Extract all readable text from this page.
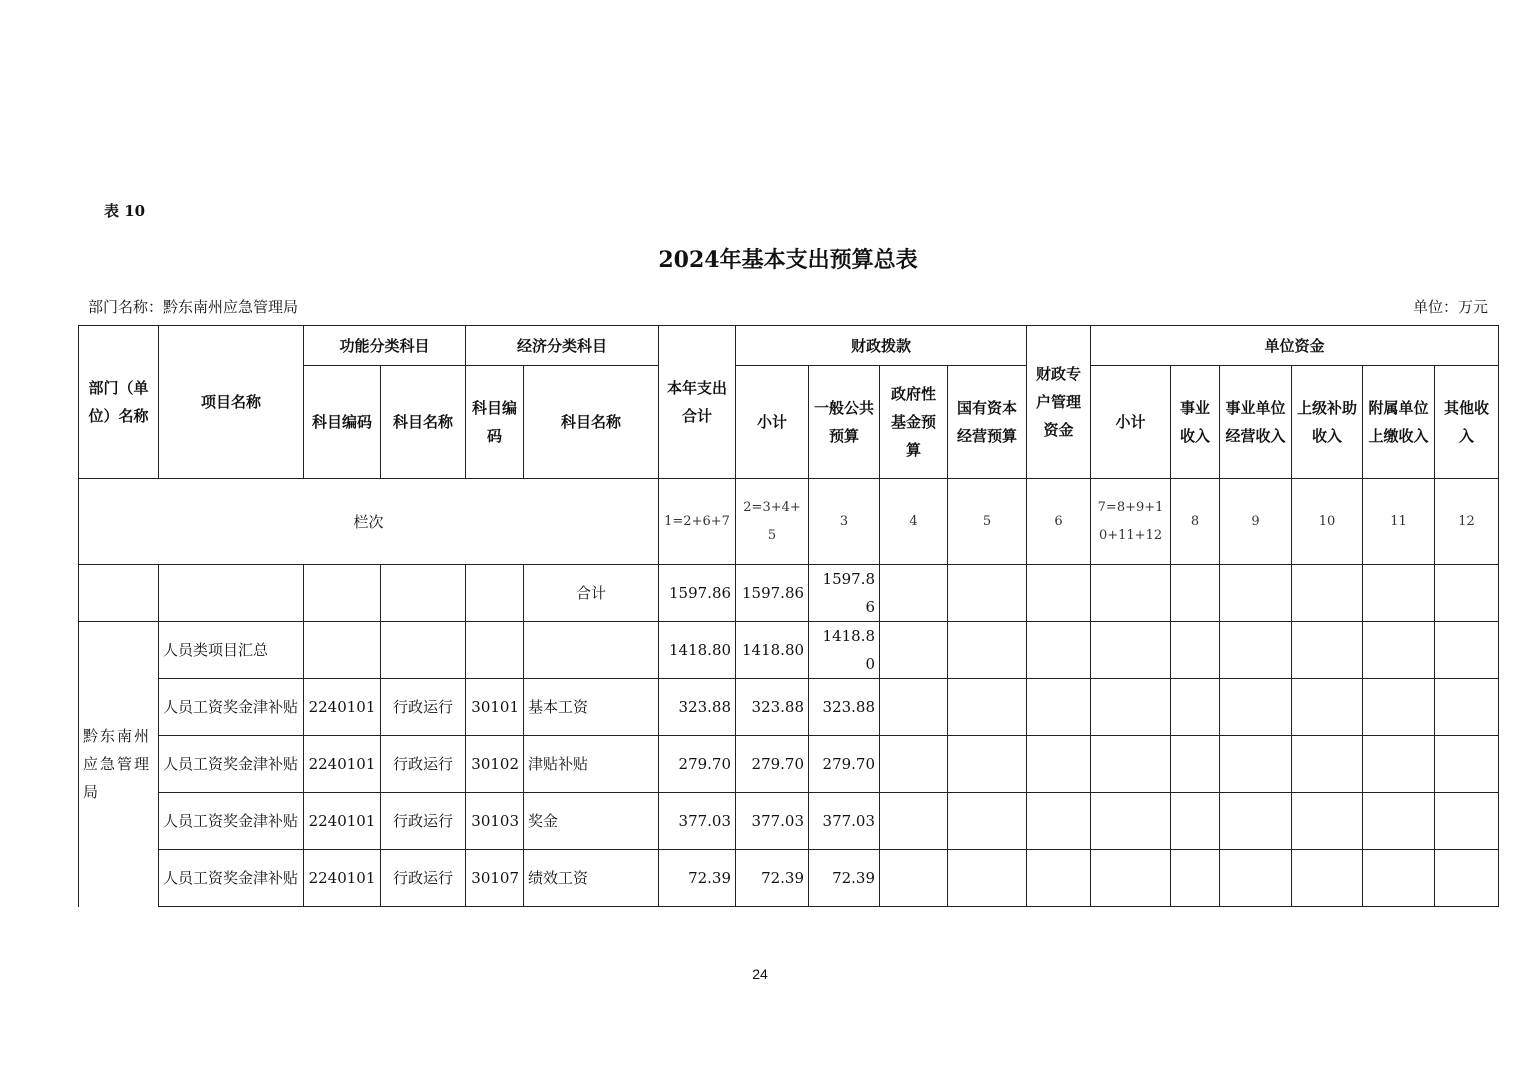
表 10
2024年基本支出预算总表
部门名称：黔东南州应急管理局	单位：万元
部门（单位）名称	项目名称	功能分类科目		经济分类科目		本年支出合计	财政拨款				财政专户管理资金	单位资金					
		科目编码	科目名称	科目编码	科目名称		小计	一般公共预算	政府性基金预算	国有资本经营预算		小计	事业收入	事业单位经营收入	上级补助收入	附属单位上缴收入	其他收入
栏次						1=2+6+7	2=3+4+5	3	4	5	6	7=8+9+10+11+12	8	9	10	11	12
					合计	1597.86	1597.86	1597.86									
黔东南州应急管理局	人员类项目汇总					1418.80	1418.80	1418.80									
	人员工资奖金津补贴	2240101	行政运行	30101	基本工资	323.88	323.88	323.88									
	人员工资奖金津补贴	2240101	行政运行	30102	津贴补贴	279.70	279.70	279.70									
	人员工资奖金津补贴	2240101	行政运行	30103	奖金	377.03	377.03	377.03									
	人员工资奖金津补贴	2240101	行政运行	30107	绩效工资	72.39	72.39	72.39									
24
